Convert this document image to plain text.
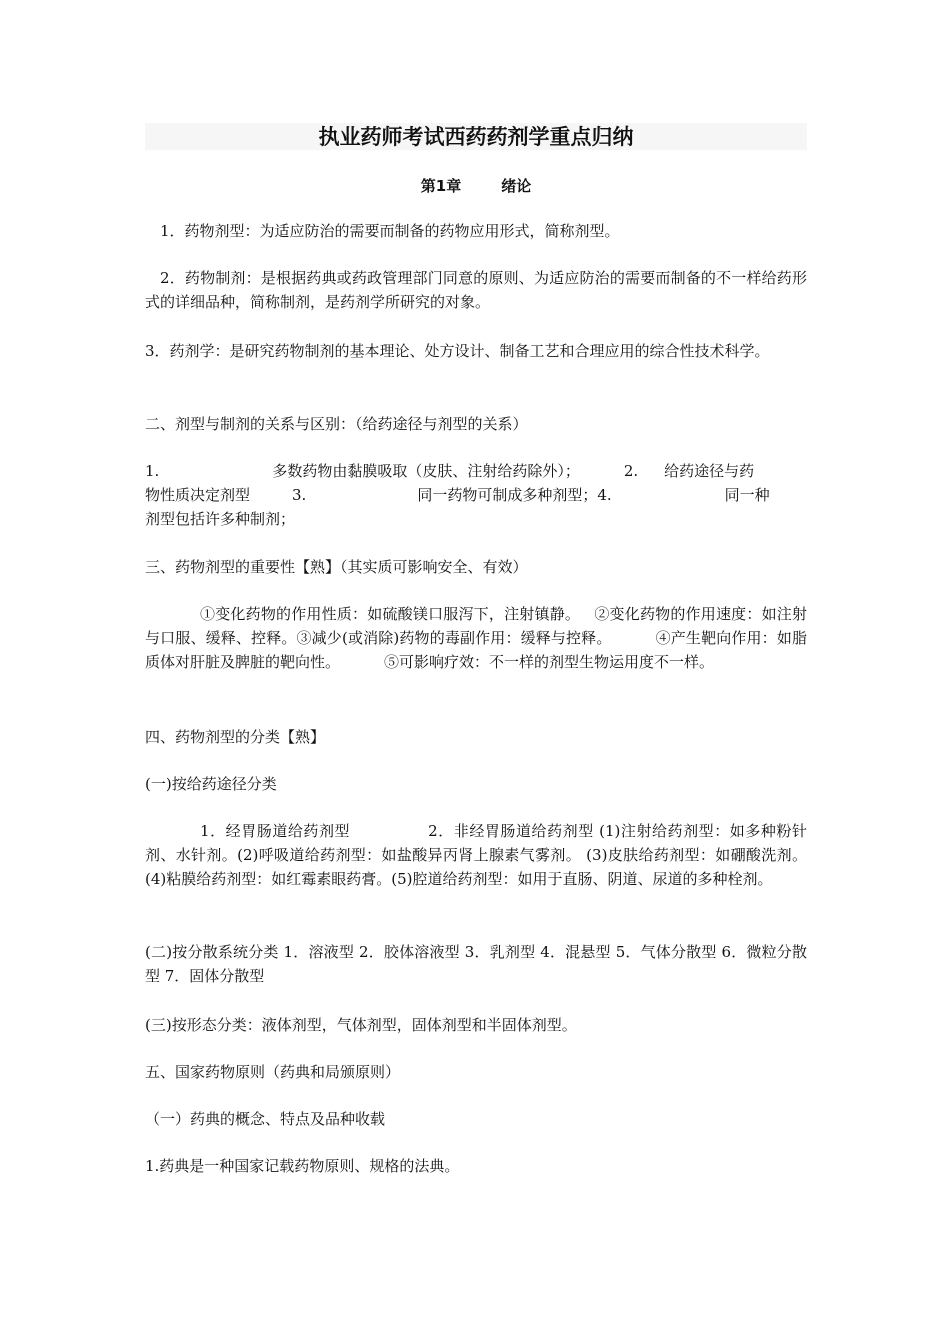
执业药师考试西药药剂学重点归纳

第1章	绪论

1．药物剂型：为适应防治的需要而制备的药物应用形式，简称剂型。

2．药物制剂：是根据药典或药政管理部门同意的原则、为适应防治的需要而制备的不一样给药形式的详细品种，简称制剂，是药剂学所研究的对象。

3．药剂学：是研究药物制剂的基本理论、处方设计、制备工艺和合理应用的综合性技术科学。

二、剂型与制剂的关系与区别：（给药途径与剂型的关系）

1.	多数药物由黏膜吸取（皮肤、注射给药除外）；	2. 给药途径与药
物性质决定剂型	3.	同一药物可制成多种剂型；4.	同一种
剂型包括许多种制剂；

三、药物剂型的重要性【熟】（其实质可影响安全、有效）

①变化药物的作用性质：如硫酸镁口服泻下，注射镇静。 ②变化药物的作用速度：如注射与口服、缓释、控释。③减少(或消除)药物的毒副作用：缓释与控释。	④产生靶向作用：如脂质体对肝脏及脾脏的靶向性。	⑤可影响疗效：不一样的剂型生物运用度不一样。

四、药物剂型的分类【熟】

(一)按给药途径分类

1．经胃肠道给药剂型	2．非经胃肠道给药剂型 (1)注射给药剂型：如多种粉针剂、水针剂。(2)呼吸道给药剂型：如盐酸异丙肾上腺素气雾剂。 (3)皮肤给药剂型：如硼酸洗剂。 (4)粘膜给药剂型：如红霉素眼药膏。(5)腔道给药剂型：如用于直肠、阴道、尿道的多种栓剂。

(二)按分散系统分类 1．溶液型 2．胶体溶液型 3．乳剂型 4．混悬型 5．气体分散型 6．微粒分散型 7．固体分散型

(三)按形态分类：液体剂型，气体剂型，固体剂型和半固体剂型。

五、国家药物原则（药典和局颁原则）

（一）药典的概念、特点及品种收载

1.药典是一种国家记载药物原则、规格的法典。
